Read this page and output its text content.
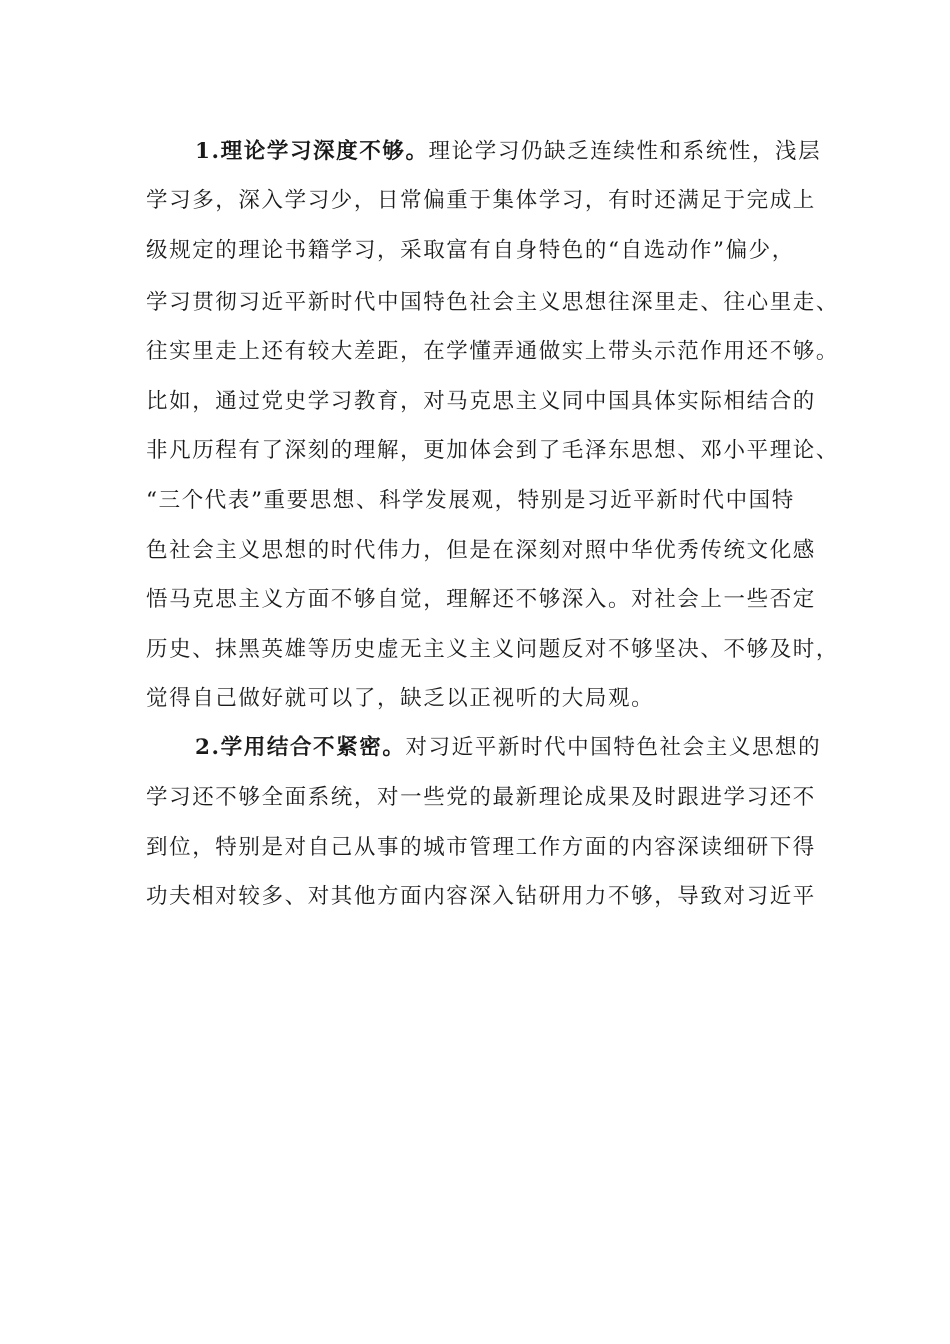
1.理论学习深度不够。理论学习仍缺乏连续性和系统性，浅层
学习多，深入学习少，日常偏重于集体学习，有时还满足于完成上
级规定的理论书籍学习，采取富有自身特色的“自选动作”偏少，
学习贯彻习近平新时代中国特色社会主义思想往深里走、往心里走、
往实里走上还有较大差距，在学懂弄通做实上带头示范作用还不够。
比如，通过党史学习教育，对马克思主义同中国具体实际相结合的
非凡历程有了深刻的理解，更加体会到了毛泽东思想、邓小平理论、
“三个代表”重要思想、科学发展观，特别是习近平新时代中国特
色社会主义思想的时代伟力，但是在深刻对照中华优秀传统文化感
悟马克思主义方面不够自觉，理解还不够深入。对社会上一些否定
历史、抹黑英雄等历史虚无主义主义问题反对不够坚决、不够及时，
觉得自己做好就可以了，缺乏以正视听的大局观。
2.学用结合不紧密。对习近平新时代中国特色社会主义思想的
学习还不够全面系统，对一些党的最新理论成果及时跟进学习还不
到位，特别是对自己从事的城市管理工作方面的内容深读细研下得
功夫相对较多、对其他方面内容深入钻研用力不够，导致对习近平
